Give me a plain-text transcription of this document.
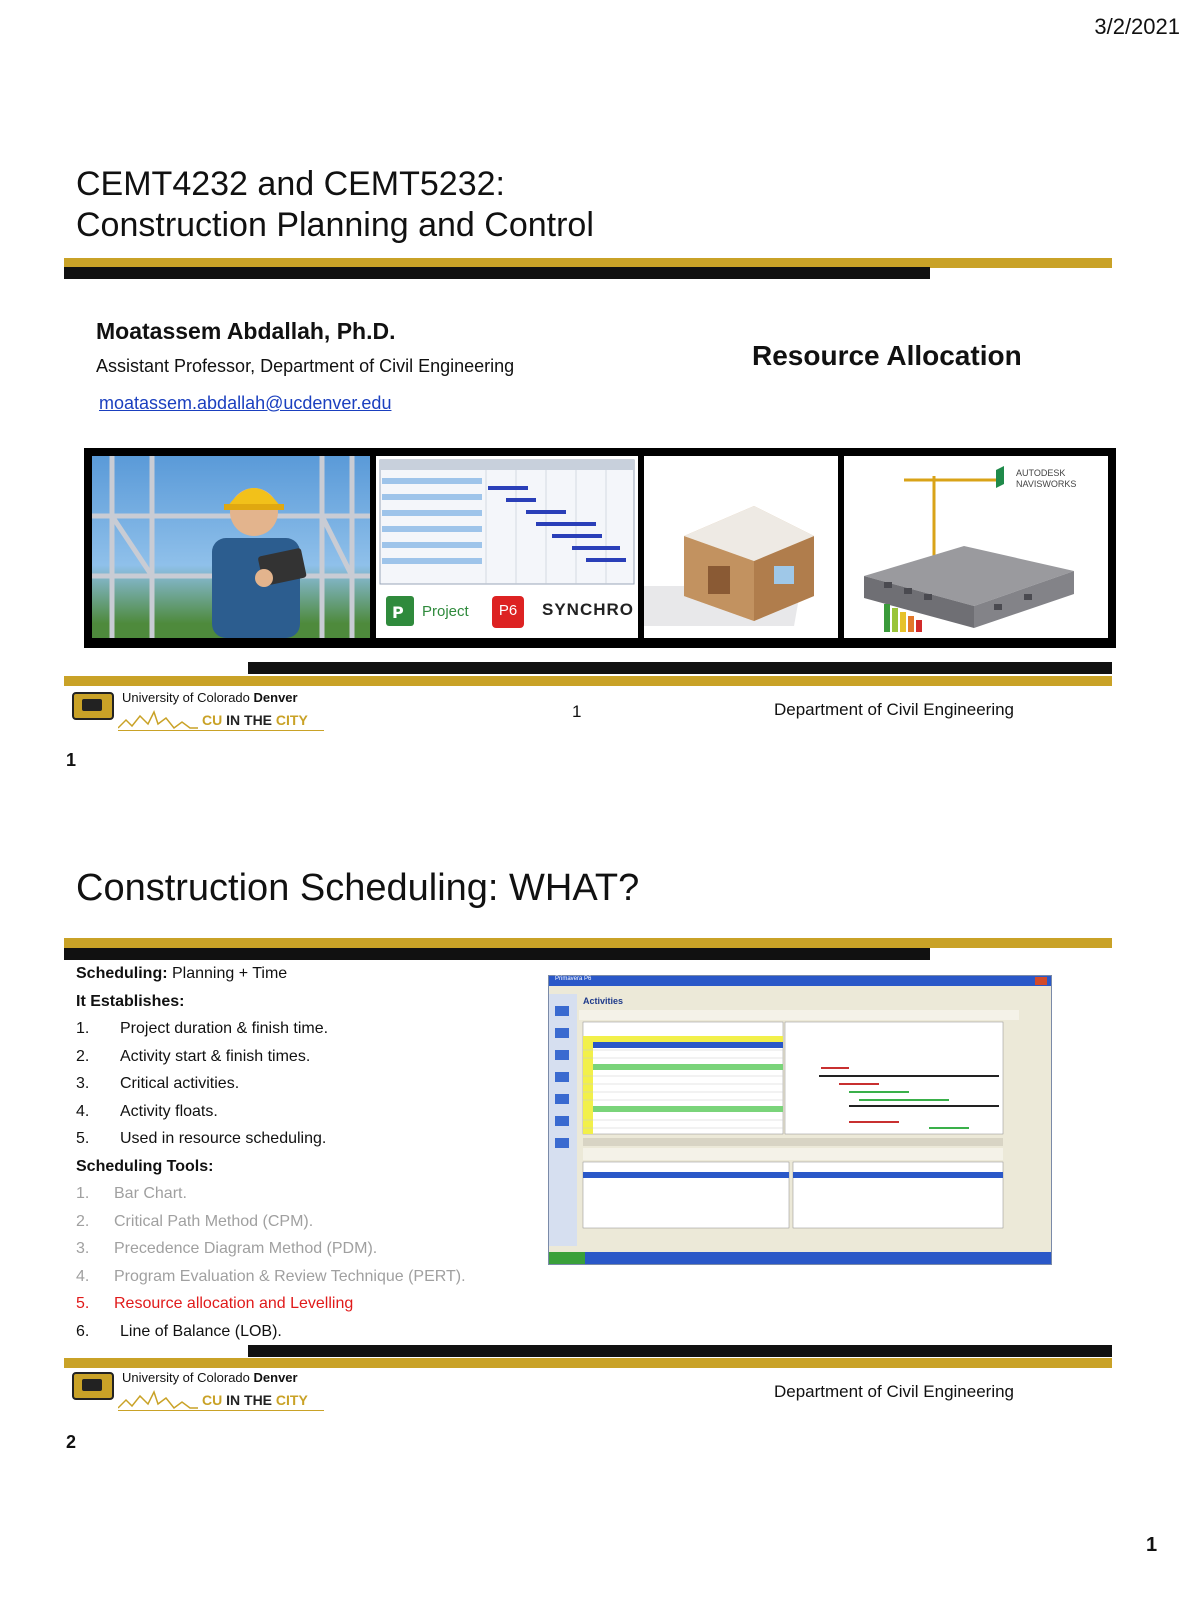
3/2/2021
CEMT4232 and CEMT5232:
Construction Planning and Control
Moatassem Abdallah, Ph.D.
Assistant Professor, Department of Civil Engineering
moatassem.abdallah@ucdenver.edu
Resource Allocation
P Project	P6	SYNCHRO
AUTODESK NAVISWORKS
University of Colorado Denver
CU IN THE CITY	1	Department of Civil Engineering
1
Construction Scheduling: WHAT?
Scheduling: Planning + Time
It Establishes:
1. Project duration & finish time.
2. Activity start & finish times.
3. Critical activities.
4. Activity floats.
5. Used in resource scheduling.
Scheduling Tools:
1. Bar Chart.
2. Critical Path Method (CPM).
3. Precedence Diagram Method (PDM).
4. Program Evaluation & Review Technique (PERT).
5. Resource allocation and Levelling
6. Line of Balance (LOB).
Activities
Primavera P6
University of Colorado Denver
CU IN THE CITY	Department of Civil Engineering
2
1
